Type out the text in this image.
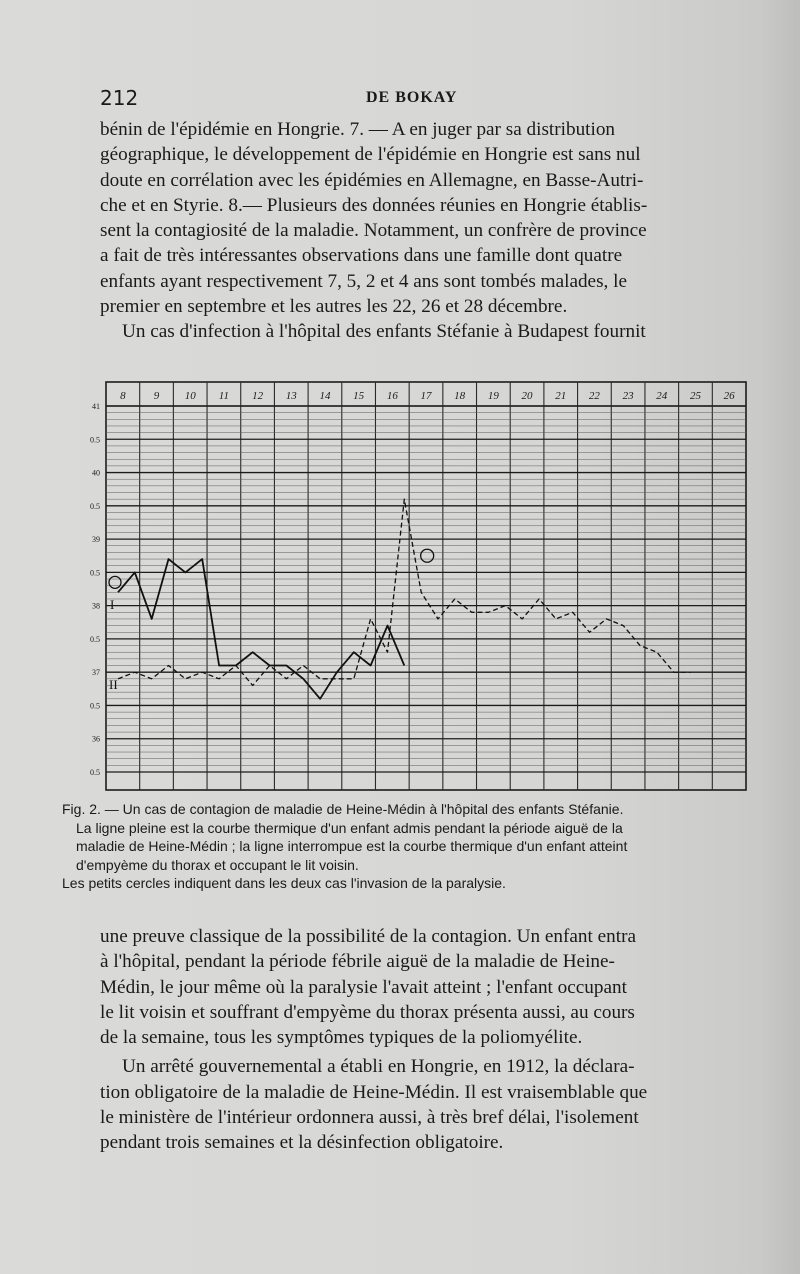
212	DE BOKAY

bénin de l'épidémie en Hongrie. 7. — A en juger par sa distribution

géographique, le développement de l'épidémie en Hongrie est sans nul

doute en corrélation avec les épidémies en Allemagne, en Basse-Autri-

che et en Styrie. 8.— Plusieurs des données réunies en Hongrie établis-

sent la contagiosité de la maladie. Notamment, un confrère de province

a fait de très intéressantes observations dans une famille dont quatre

enfants ayant respectivement 7, 5, 2 et 4 ans sont tombés malades, le

premier en septembre et les autres les 22, 26 et 28 décembre.

Un cas d'infection à l'hôpital des enfants Stéfanie à Budapest fournit

8	9 10 11 12 13 14 15 16 17 18 19 20 21 22 23 24 25 26
41
0.5
40
0.5
39
0.5
38
0.5
37
0.5
36
0.5
I
II

Fig. 2. — Un cas de contagion de maladie de Heine-Médin à l'hôpital des enfants Stéfanie.

La ligne pleine est la courbe thermique d'un enfant admis pendant la période aiguë de la

maladie de Heine-Médin ; la ligne interrompue est la courbe thermique d'un enfant atteint

d'empyème du thorax et occupant le lit voisin.

Les petits cercles indiquent dans les deux cas l'invasion de la paralysie.

une preuve classique de la possibilité de la contagion. Un enfant entra

à l'hôpital, pendant la période fébrile aiguë de la maladie de Heine-

Médin, le jour même où la paralysie l'avait atteint ; l'enfant occupant

le lit voisin et souffrant d'empyème du thorax présenta aussi, au cours

de la semaine, tous les symptômes typiques de la poliomyélite.

Un arrêté gouvernemental a établi en Hongrie, en 1912, la déclara-

tion obligatoire de la maladie de Heine-Médin. Il est vraisemblable que

le ministère de l'intérieur ordonnera aussi, à très bref délai, l'isolement

pendant trois semaines et la désinfection obligatoire.
